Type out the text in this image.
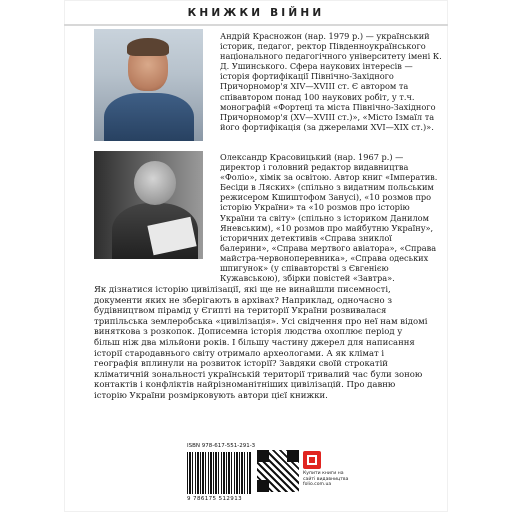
КНИЖКИ ВІЙНИ
Андрій Красножон (нар. 1979 р.) — український історик, педагог, ректор Південноукраїнського національного педагогічного університету імені К. Д. Ушинського. Сфера наукових інтересів — історія фортифікації Північно-Західного Причорномор'я XIV—XVIII ст. Є автором та співавтором понад 100 наукових робіт, у т.ч. монографій «Фортеці та міста Північно-Західного Причорномор'я (XV—XVIII ст.)», «Місто Ізмаїл та його фортифікація (за джерелами XVI—XIX ст.)».
Олександр Красовицький (нар. 1967 р.) — директор і головний редактор видавництва «Фоліо», хімік за освітою. Автор книг «Імператив. Бесіди в Ляских» (спільно з видатним польським режисером Кшиштофом Занусі), «10 розмов про історію України» та «10 розмов про історію України та світу» (спільно з істориком Данилом Яневським), «10 розмов про майбутню Україну», історичних детективів «Справа зниклої балерини», «Справа мертвого авіатора», «Справа майстра-червоноперевника», «Справа одеських шпигунок» (у співавторстві з Євгенією Кужавською), збірки повістей «Завтра».
Як дізнатися історію цивілізації, які ще не винайшли писемності, документи яких не зберігають в архівах? Наприклад, одночасно з будівництвом пірамід у Єгипті на території України розвивалася трипільська землеробська «цивілізація». Усі свідчення про неї нам відомі виняткова з розкопок. Дописемна історія людства охоплює період у більш ніж два мільйони років. І більшу частину джерел для написання історії стародавнього світу отримало археологами. А як клімат і географія вплинули на розвиток історії? Завдяки своїй строкатій кліматичній зональності українській території тривалий час були зоною контактів і конфліктів найрізноманітніших цивілізацій. Про давню історію України розмірковують автори цієї книжки.
ISBN 978-617-551-291-3
9 786175 512913
Купити книги на сайті видавництва folio.com.ua
